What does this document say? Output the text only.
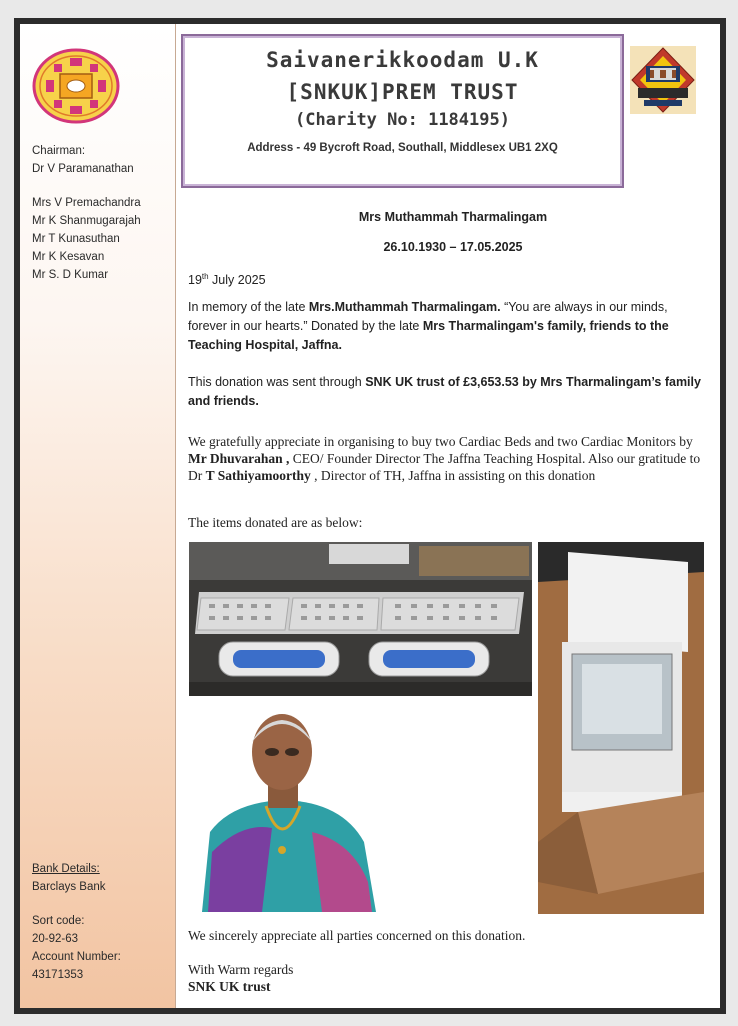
Chairman:
Dr V Paramanathan
Mrs V Premachandra
Mr K Shanmugarajah
Mr T Kunasuthan
Mr K Kesavan
Mr S. D Kumar
Bank Details:
Barclays Bank
Sort code:
20-92-63
Account Number:
43171353
Saivanerikkoodam U.K
[SNKUK]PREM TRUST
(Charity No: 1184195)
Address - 49 Bycroft Road, Southall, Middlesex UB1 2XQ
Mrs Muthammah Tharmalingam
26.10.1930 – 17.05.2025
19th July 2025
In memory of the late Mrs.Muthammah Tharmalingam. “You are always in our minds, forever in our hearts.” Donated by the late Mrs Tharmalingam's family, friends to the Teaching Hospital, Jaffna.
This donation was sent through SNK UK trust of £3,653.53 by Mrs Tharmalingam’s family and friends.
We gratefully appreciate in organising to buy two Cardiac Beds and two Cardiac Monitors by Mr Dhuvarahan , CEO/ Founder Director The Jaffna Teaching Hospital. Also our gratitude to Dr T Sathiyamoorthy , Director of TH, Jaffna in assisting on this donation
The items donated are as below:
We sincerely appreciate all parties concerned on this donation.
With Warm regards
SNK UK trust
